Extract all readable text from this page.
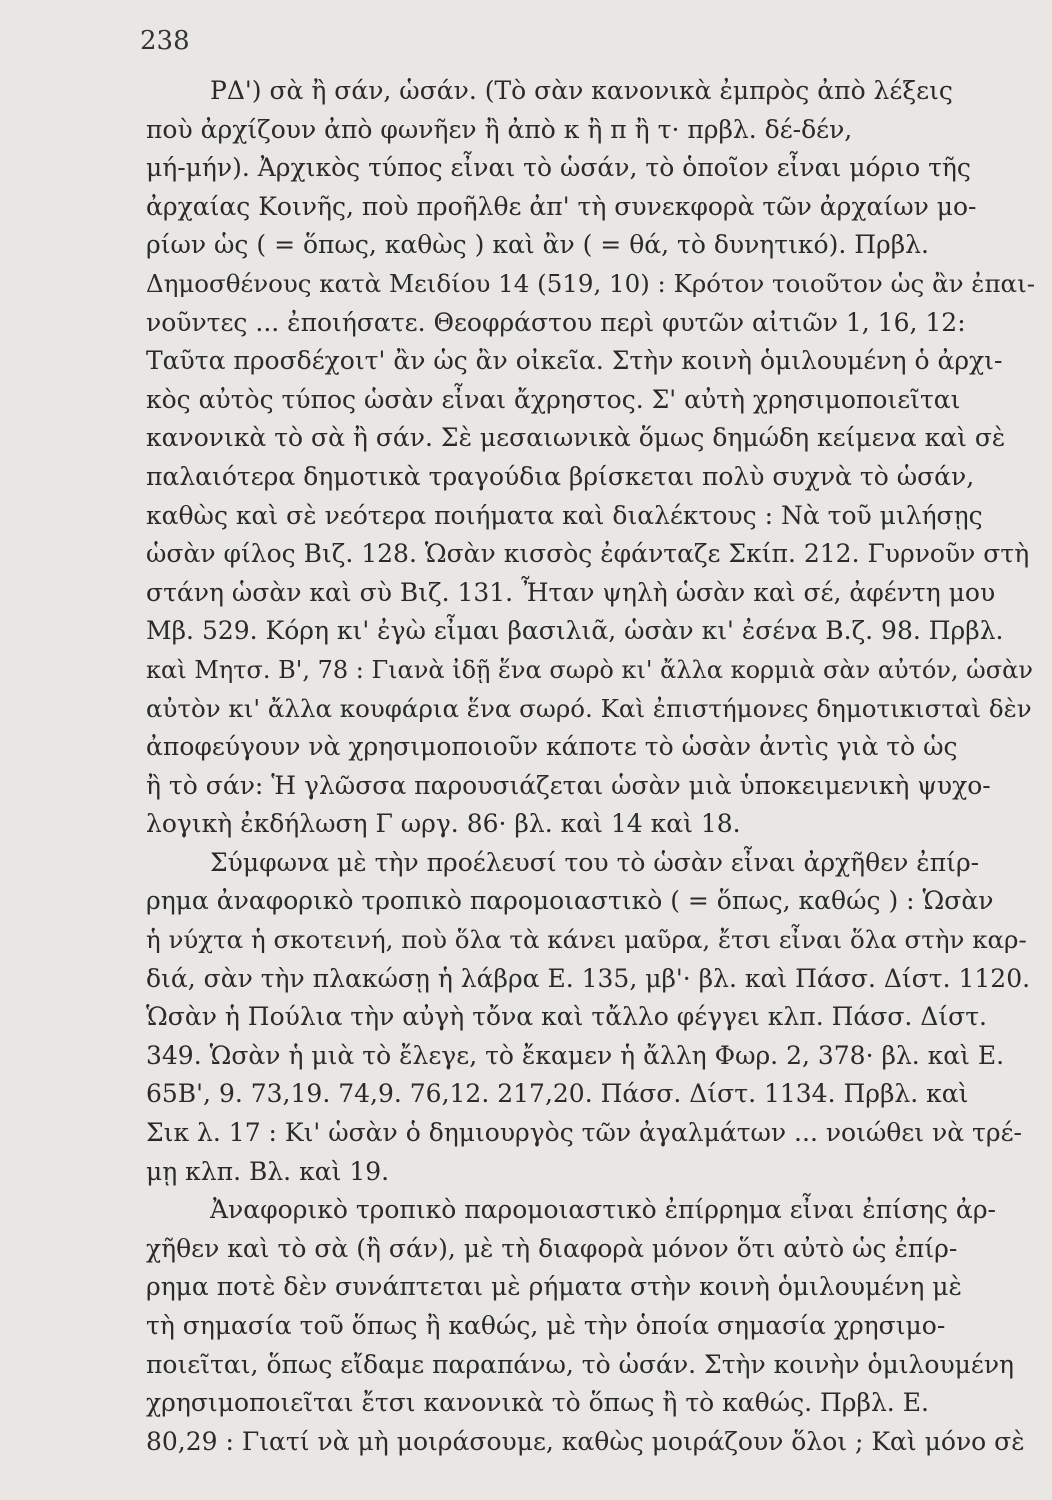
238
ΡΔ') σὰ ἢ σάν, ὡσάν. (Τὸ σὰν κανονικὰ ἐμπρὸς ἀπὸ λέξεις
ποὺ ἀρχίζουν ἀπὸ φωνῆεν ἢ ἀπὸ κ ἢ π ἢ τ· πρβλ. δέ-δέν,
μή-μήν). Ἀρχικὸς τύπος εἶναι τὸ ὡσάν, τὸ ὁποῖον εἶναι μόριο τῆς
ἀρχαίας Κοινῆς, ποὺ προῆλθε ἀπ' τὴ συνεκφορὰ τῶν ἀρχαίων μο-
ρίων ὡς ( = ὅπως, καθὼς ) καὶ ἂν ( = θά, τὸ δυνητικό). Πρβλ.
Δημοσθένους κατὰ Μειδίου 14 (519, 10) : Κρότον τοιοῦτον ὡς ἂν ἐπαι-
νοῦντες ... ἐποιήσατε. Θεοφράστου περὶ φυτῶν αἰτιῶν 1, 16, 12:
Ταῦτα προσδέχοιτ' ἂν ὡς ἂν οἰκεῖα. Στὴν κοινὴ ὁμιλουμένη ὁ ἀρχι-
κὸς αὐτὸς τύπος ὡσὰν εἶναι ἄχρηστος. Σ' αὐτὴ χρησιμοποιεῖται
κανονικὰ τὸ σὰ ἢ σάν. Σὲ μεσαιωνικὰ ὅμως δημώδη κείμενα καὶ σὲ
παλαιότερα δημοτικὰ τραγούδια βρίσκεται πολὺ συχνὰ τὸ ὡσάν,
καθὼς καὶ σὲ νεότερα ποιήματα καὶ διαλέκτους : Νὰ τοῦ μιλήσῃς
ὡσὰν φίλος Βιζ. 128. Ὡσὰν κισσὸς ἐφάνταζε Σκίπ. 212. Γυρνοῦν στὴ
στάνη ὡσὰν καὶ σὺ Βιζ. 131. Ἦταν ψηλὴ ὡσὰν καὶ σέ, ἀφέντη μου
Μβ. 529. Κόρη κι' ἐγὼ εἶμαι βασιλιᾶ, ὡσὰν κι' ἐσένα Β.ζ. 98. Πρβλ.
καὶ Μητσ. Β', 78 : Γιανὰ ἰδῇ ἕνα σωρὸ κι' ἄλλα κορμιὰ σὰν αὐτόν, ὡσὰν
αὐτὸν κι' ἄλλα κουφάρια ἕνα σωρό. Καὶ ἐπιστήμονες δημοτικισταὶ δὲν
ἀποφεύγουν νὰ χρησιμοποιοῦν κάποτε τὸ ὡσὰν ἀντὶς γιὰ τὸ ὡς
ἢ τὸ σάν: Ἡ γλῶσσα παρουσιάζεται ὡσὰν μιὰ ὑποκειμενικὴ ψυχο-
λογικὴ ἐκδήλωση Γ ωργ. 86· βλ. καὶ 14 καὶ 18.
Σύμφωνα μὲ τὴν προέλευσί του τὸ ὡσὰν εἶναι ἀρχῆθεν ἐπίρ-
ρημα ἀναφορικὸ τροπικὸ παρομοιαστικὸ ( = ὅπως, καθώς ) : Ὡσὰν
ἡ νύχτα ἡ σκοτεινή, ποὺ ὅλα τὰ κάνει μαῦρα, ἔτσι εἶναι ὅλα στὴν καρ-
διά, σὰν τὴν πλακώσῃ ἡ λάβρα Ε. 135, μβ'· βλ. καὶ Πάσσ. Δίστ. 1120.
Ὡσὰν ἡ Πούλια τὴν αὐγὴ τὄνα καὶ τἄλλο φέγγει κλπ. Πάσσ. Δίστ.
349. Ὡσὰν ἡ μιὰ τὸ ἔλεγε, τὸ ἔκαμεν ἡ ἄλλη Φωρ. 2, 378· βλ. καὶ Ε.
65Β', 9. 73,19. 74,9. 76,12. 217,20. Πάσσ. Δίστ. 1134. Πρβλ. καὶ
Σικ λ. 17 : Κι' ὡσὰν ὁ δημιουργὸς τῶν ἀγαλμάτων ... νοιώθει νὰ τρέ-
μῃ κλπ. Βλ. καὶ 19.
Ἀναφορικὸ τροπικὸ παρομοιαστικὸ ἐπίρρημα εἶναι ἐπίσης ἀρ-
χῆθεν καὶ τὸ σὰ (ἢ σάν), μὲ τὴ διαφορὰ μόνον ὅτι αὐτὸ ὡς ἐπίρ-
ρημα ποτὲ δὲν συνάπτεται μὲ ρήματα στὴν κοινὴ ὁμιλουμένη μὲ
τὴ σημασία τοῦ ὅπως ἢ καθώς, μὲ τὴν ὁποία σημασία χρησιμο-
ποιεῖται, ὅπως εἴδαμε παραπάνω, τὸ ὡσάν. Στὴν κοινὴν ὁμιλουμένη
χρησιμοποιεῖται ἔτσι κανονικὰ τὸ ὅπως ἢ τὸ καθώς. Πρβλ. Ε.
80,29 : Γιατί νὰ μὴ μοιράσουμε, καθὼς μοιράζουν ὅλοι ; Καὶ μόνο σὲ
